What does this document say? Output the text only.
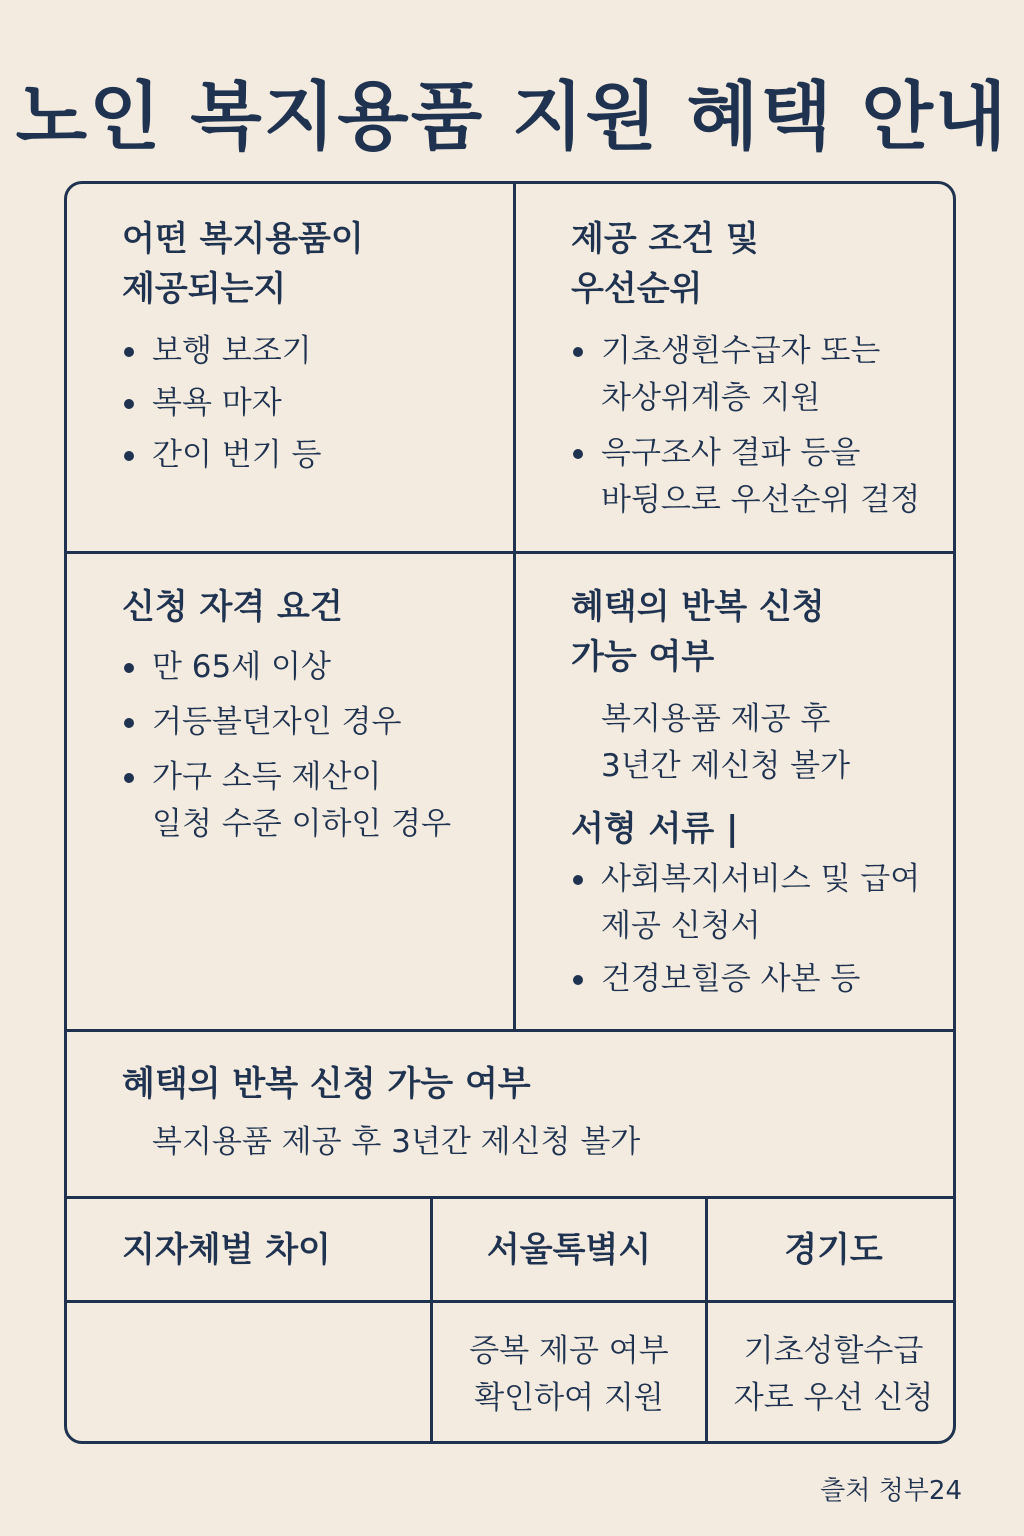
노인 복지용품 지원 혜택 안내
어떤 복지용품이
제공되는지
보행 보조기
복욕 마자
간이 번기 등
제공 조건 및
우선순위
기초생흰수급자 또는
차상위계층 지원
윽구조사 결파 등을
바뒹으로 우선순위 걸정
신청 자격 요건
만 65세 이상
거등볼뎐자인 경우
가구 소득 제산이
일청 수준 이하인 경우
혜택의 반복 신청
가능 여부
복지용품 제공 후
3년간 제신청 볼가
서형 서류 |
사회복지서비스 및 급여
제공 신청서
건경보힐증 사본 등
혜택의 반복 신청 가능 여부
복지용품 제공 후 3년간 제신청 볼가
지자체벌 차이	서울톡볔시	경기도
증복 제공 여부
확인하여 지원
기초성할수급
자로 우선 신청
츨처 청부24
